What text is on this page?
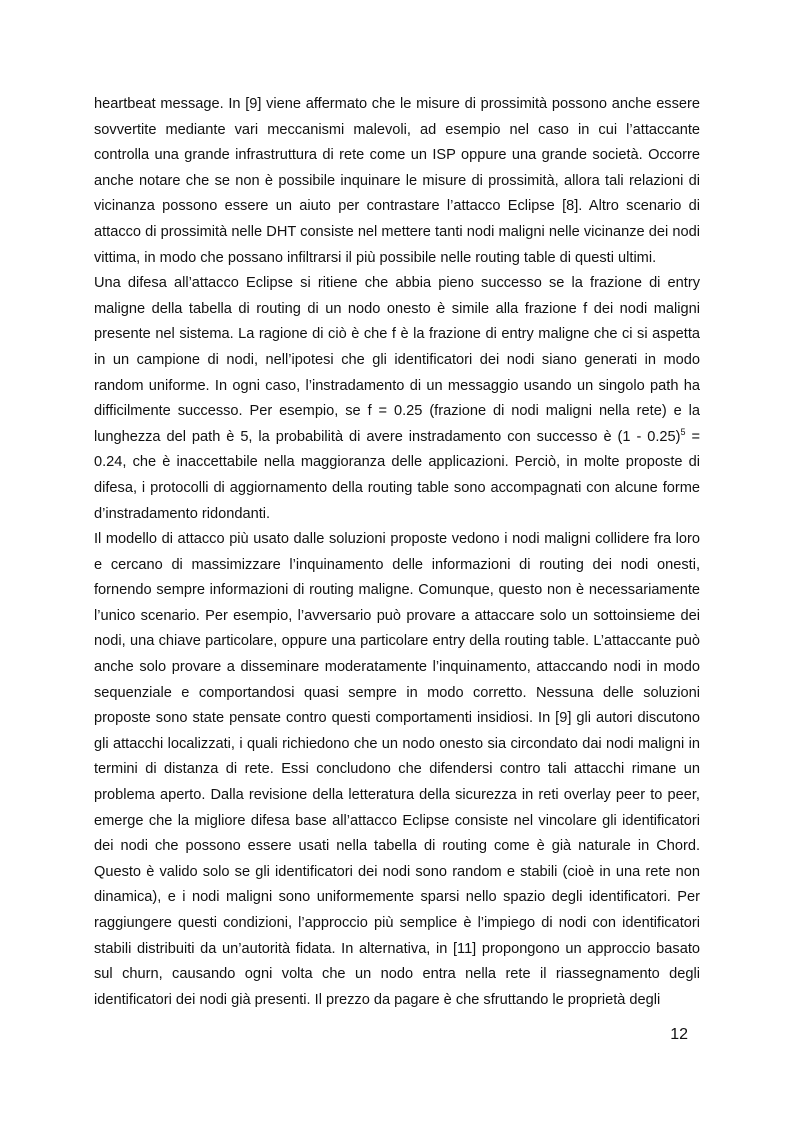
heartbeat message. In [9] viene affermato che le misure di prossimità possono anche essere sovvertite mediante vari meccanismi malevoli, ad esempio nel caso in cui l’attaccante controlla una grande infrastruttura di rete come un ISP oppure una grande società. Occorre anche notare che se non è possibile inquinare le misure di prossimità, allora tali relazioni di vicinanza possono essere un aiuto per contrastare l’attacco Eclipse [8]. Altro scenario di attacco di prossimità nelle DHT consiste nel mettere tanti nodi maligni nelle vicinanze dei nodi vittima, in modo che possano infiltrarsi il più possibile nelle routing table di questi ultimi.

Una difesa all’attacco Eclipse si ritiene che abbia pieno successo se la frazione di entry maligne della tabella di routing di un nodo onesto è simile alla frazione f dei nodi maligni presente nel sistema. La ragione di ciò è che f è la frazione di entry maligne che ci si aspetta in un campione di nodi, nell’ipotesi che gli identificatori dei nodi siano generati in modo random uniforme. In ogni caso, l’instradamento di un messaggio usando un singolo path ha difficilmente successo. Per esempio, se f = 0.25 (frazione di nodi maligni nella rete) e la lunghezza del path è 5, la probabilità di avere instradamento con successo è (1 - 0.25)$^5$ = 0.24, che è inaccettabile nella maggioranza delle applicazioni. Perciò, in molte proposte di difesa, i protocolli di aggiornamento della routing table sono accompagnati con alcune forme d’instradamento ridondanti.

Il modello di attacco più usato dalle soluzioni proposte vedono i nodi maligni collidere fra loro e cercano di massimizzare l’inquinamento delle informazioni di routing dei nodi onesti, fornendo sempre informazioni di routing maligne. Comunque, questo non è necessariamente l’unico scenario. Per esempio, l’avversario può provare a attaccare solo un sottoinsieme dei nodi, una chiave particolare, oppure una particolare entry della routing table. L’attaccante può anche solo provare a disseminare moderatamente l’inquinamento, attaccando nodi in modo sequenziale e comportandosi quasi sempre in modo corretto. Nessuna delle soluzioni proposte sono state pensate contro questi comportamenti insidiosi. In [9] gli autori discutono gli attacchi localizzati, i quali richiedono che un nodo onesto sia circondato dai nodi maligni in termini di distanza di rete. Essi concludono che difendersi contro tali attacchi rimane un problema aperto. Dalla revisione della letteratura della sicurezza in reti overlay peer to peer, emerge che la migliore difesa base all’attacco Eclipse consiste nel vincolare gli identificatori dei nodi che possono essere usati nella tabella di routing come è già naturale in Chord. Questo è valido solo se gli identificatori dei nodi sono random e stabili (cioè in una rete non dinamica), e i nodi maligni sono uniformemente sparsi nello spazio degli identificatori. Per raggiungere questi condizioni, l’approccio più semplice è l’impiego di nodi con identificatori stabili distribuiti da un’autorità fidata. In alternativa, in [11] propongono un approccio basato sul churn, causando ogni volta che un nodo entra nella rete il riassegnamento degli identificatori dei nodi già presenti. Il prezzo da pagare è che sfruttando le proprietà degli

12
